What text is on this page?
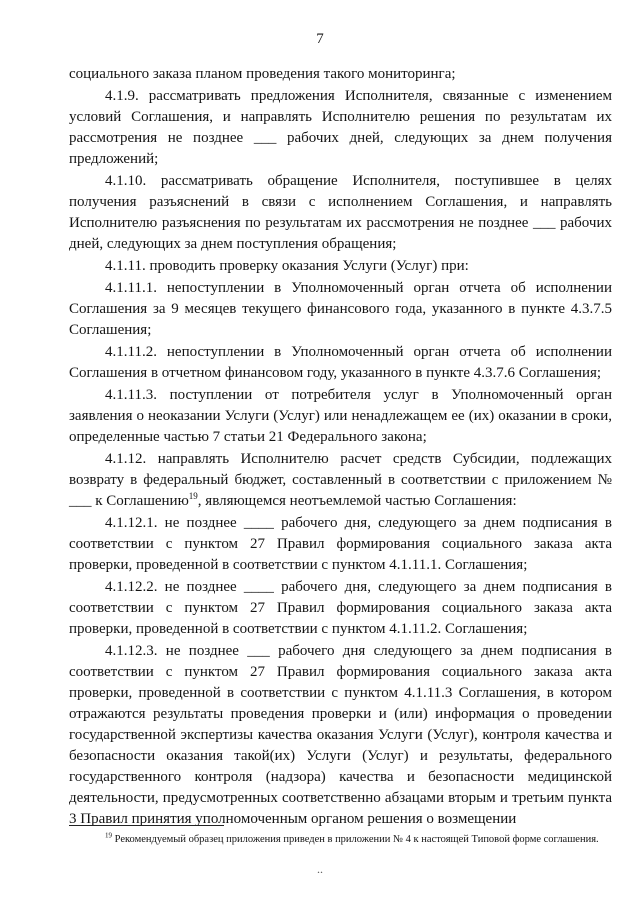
7

социального заказа планом проведения такого мониторинга;

4.1.9. рассматривать предложения Исполнителя, связанные с изменением условий Соглашения, и направлять Исполнителю решения по результатам их рассмотрения не позднее ___ рабочих дней, следующих за днем получения предложений;

4.1.10. рассматривать обращение Исполнителя, поступившее в целях получения разъяснений в связи с исполнением Соглашения, и направлять Исполнителю разъяснения по результатам их рассмотрения не позднее ___ рабочих дней, следующих за днем поступления обращения;

4.1.11. проводить проверку оказания Услуги (Услуг) при:

4.1.11.1. непоступлении в Уполномоченный орган отчета об исполнении Соглашения за 9 месяцев текущего финансового года, указанного в пункте 4.3.7.5 Соглашения;

4.1.11.2. непоступлении в Уполномоченный орган отчета об исполнении Соглашения в отчетном финансовом году, указанного в пункте 4.3.7.6 Соглашения;

4.1.11.3. поступлении от потребителя услуг в Уполномоченный орган заявления о неоказании Услуги (Услуг) или ненадлежащем ее (их) оказании в сроки, определенные частью 7 статьи 21 Федерального закона;

4.1.12. направлять Исполнителю расчет средств Субсидии, подлежащих возврату в федеральный бюджет, составленный в соответствии с приложением № ___ к Соглашению$^{19}$, являющемся неотъемлемой частью Соглашения:

4.1.12.1. не позднее ____ рабочего дня, следующего за днем подписания в соответствии с пунктом 27 Правил формирования социального заказа акта проверки, проведенной в соответствии с пунктом 4.1.11.1. Соглашения;

4.1.12.2. не позднее ____ рабочего дня, следующего за днем подписания в соответствии с пунктом 27 Правил формирования социального заказа акта проверки, проведенной в соответствии с пунктом 4.1.11.2. Соглашения;

4.1.12.3. не позднее ___ рабочего дня следующего за днем подписания в соответствии с пунктом 27 Правил формирования социального заказа акта проверки, проведенной в соответствии с пунктом 4.1.11.3 Соглашения, в котором отражаются результаты проведения проверки и (или) информация о проведении государственной экспертизы качества оказания Услуги (Услуг), контроля качества и безопасности оказания такой(их) Услуги (Услуг) и результаты, федерального государственного контроля (надзора) качества и безопасности медицинской деятельности, предусмотренных соответственно абзацами вторым и третьим пункта 3 Правил принятия уполномоченным органом решения о возмещении

$^{19}$ Рекомендуемый образец приложения приведен в приложении № 4 к настоящей Типовой форме соглашения.
..
